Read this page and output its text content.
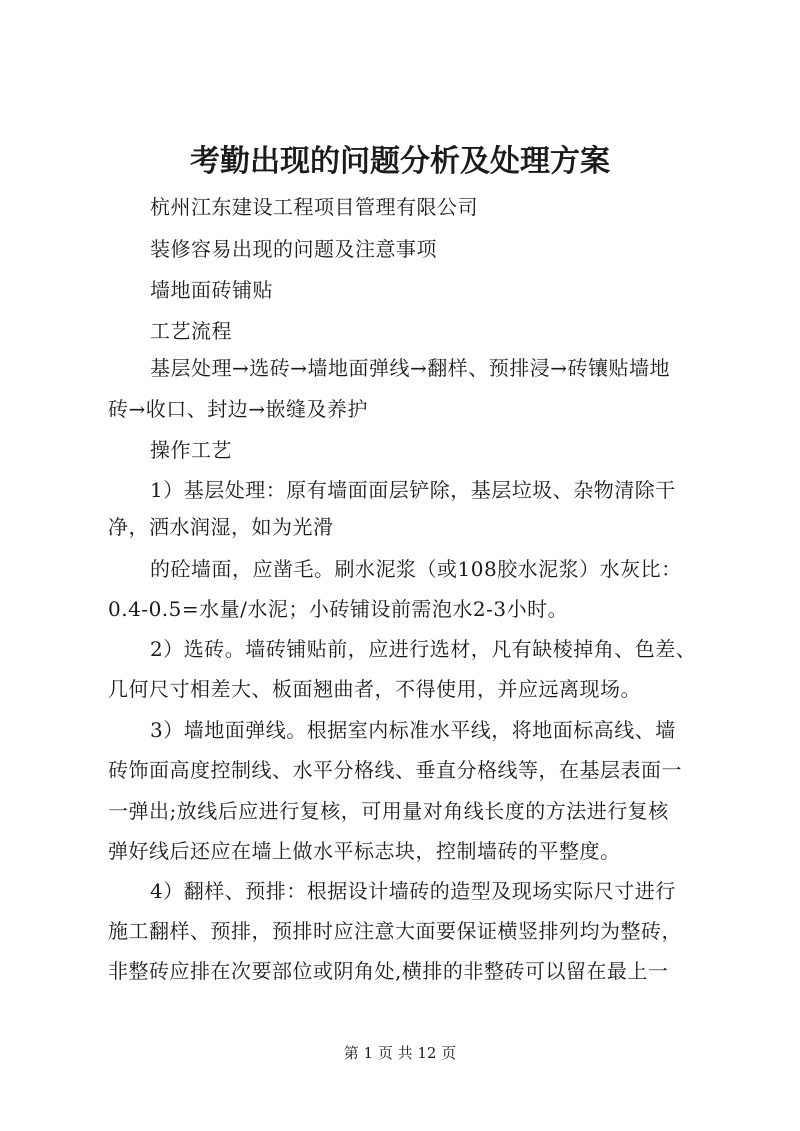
考勤出现的问题分析及处理方案
杭州江东建设工程项目管理有限公司
装修容易出现的问题及注意事项
墙地面砖铺贴
工艺流程
基层处理→选砖→墙地面弹线→翻样、预排浸→砖镶贴墙地
砖→收口、封边→嵌缝及养护
操作工艺
1）基层处理：原有墙面面层铲除，基层垃圾、杂物清除干
净，洒水润湿，如为光滑
的砼墙面，应凿毛。刷水泥浆（或108胶水泥浆）水灰比：
0.4-0.5=水量/水泥；小砖铺设前需泡水2-3小时。
2）选砖。墙砖铺贴前，应进行选材，凡有缺棱掉角、色差、
几何尺寸相差大、板面翘曲者，不得使用，并应远离现场。
3）墙地面弹线。根据室内标准水平线，将地面标高线、墙
砖饰面高度控制线、水平分格线、垂直分格线等，在基层表面一
一弹出;放线后应进行复核，可用量对角线长度的方法进行复核
弹好线后还应在墙上做水平标志块，控制墙砖的平整度。
4）翻样、预排：根据设计墙砖的造型及现场实际尺寸进行
施工翻样、预排，预排时应注意大面要保证横竖排列均为整砖，
非整砖应排在次要部位或阴角处,横排的非整砖可以留在最上一
第 1 页 共 12 页
